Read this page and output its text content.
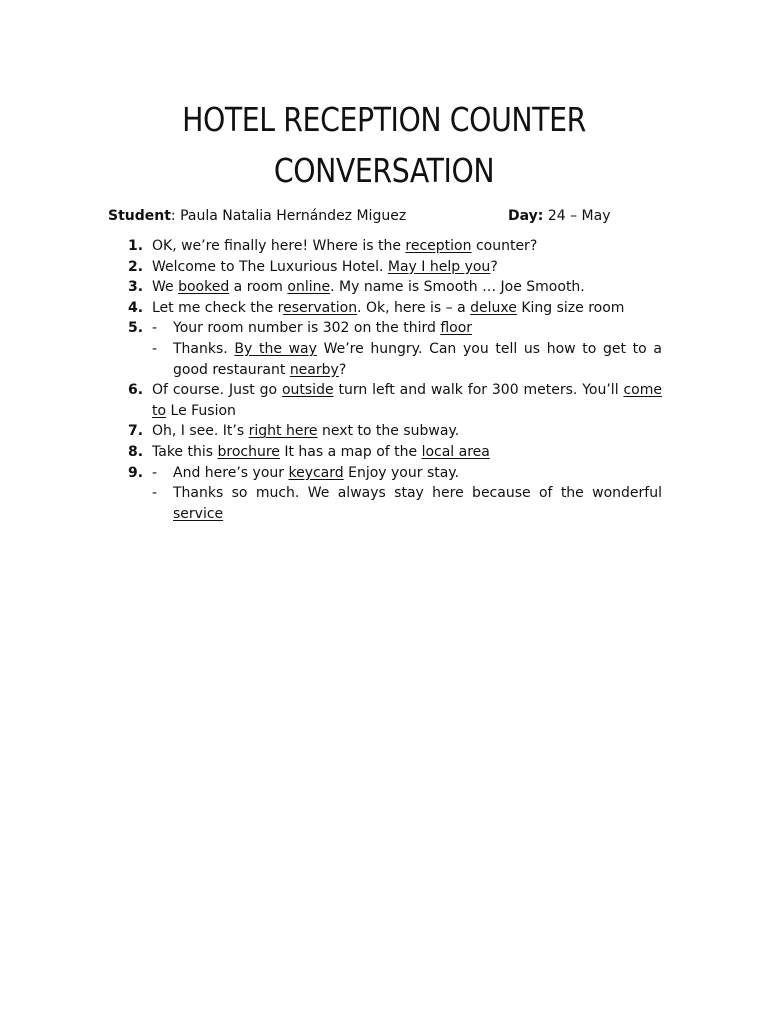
HOTEL RECEPTION COUNTER
CONVERSATION
Student: Paula Natalia Hernández Miguez	Day: 24 – May
1. OK, we’re finally here! Where is the reception counter?
2. Welcome to The Luxurious Hotel. May I help you?
3. We booked a room online. My name is Smooth … Joe Smooth.
4. Let me check the reservation. Ok, here is – a deluxe King size room
5. - Your room number is 302 on the third floor
- Thanks. By the way We’re hungry. Can you tell us how to get to a good restaurant nearby?
6. Of course. Just go outside turn left and walk for 300 meters. You’ll come to Le Fusion
7. Oh, I see. It’s right here next to the subway.
8. Take this brochure It has a map of the local area
9. - And here’s your keycard Enjoy your stay.
- Thanks so much. We always stay here because of the wonderful service
